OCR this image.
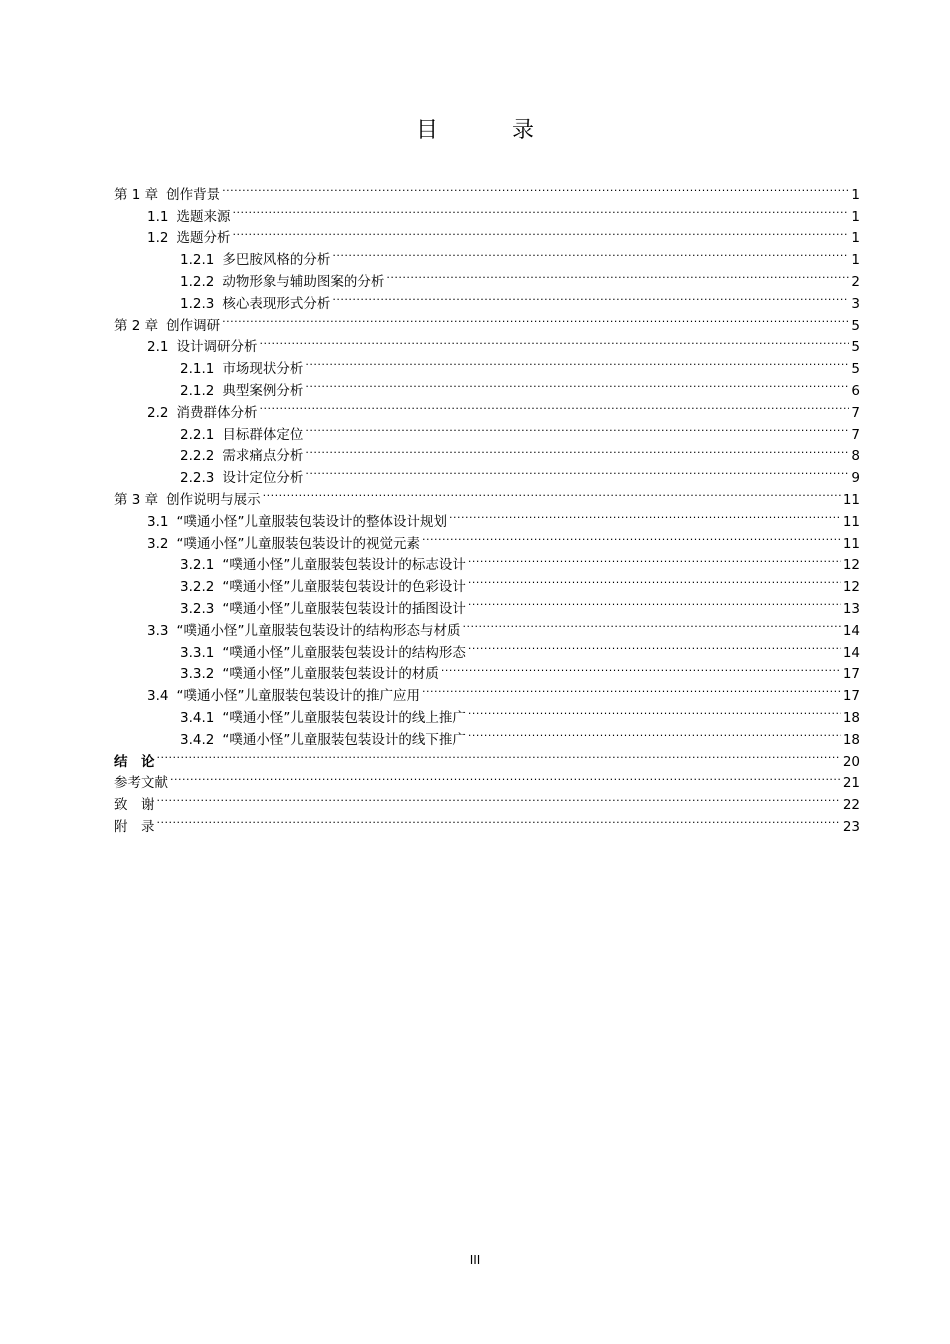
目　录
第 1 章 创作背景 .....	1
1.1 选题来源 .....	1
1.2 选题分析 .....	1
1.2.1 多巴胺风格的分析 .....	1
1.2.2 动物形象与辅助图案的分析 .....	2
1.2.3 核心表现形式分析 .....	3
第 2 章 创作调研 .....	5
2.1 设计调研分析 .....	5
2.1.1 市场现状分析 .....	5
2.1.2 典型案例分析 .....	6
2.2 消费群体分析 .....	7
2.2.1 目标群体定位 .....	7
2.2.2 需求痛点分析 .....	8
2.2.3 设计定位分析 .....	9
第 3 章 创作说明与展示 .....	11
3.1 “噗通小怪”儿童服装包装设计的整体设计规划 .....	11
3.2 “噗通小怪”儿童服装包装设计的视觉元素 .....	11
3.2.1 “噗通小怪”儿童服装包装设计的标志设计 .....	12
3.2.2 “噗通小怪”儿童服装包装设计的色彩设计 .....	12
3.2.3 “噗通小怪”儿童服装包装设计的插图设计 .....	13
3.3 “噗通小怪”儿童服装包装设计的结构形态与材质 .....	14
3.3.1 “噗通小怪”儿童服装包装设计的结构形态 .....	14
3.3.2 “噗通小怪”儿童服装包装设计的材质 .....	17
3.4 “噗通小怪”儿童服装包装设计的推广应用 .....	17
3.4.1 “噗通小怪”儿童服装包装设计的线上推广 .....	18
3.4.2 “噗通小怪”儿童服装包装设计的线下推广 .....	18
结　论 .....	20
参考文献 .....	21
致　谢 .....	22
附　录 .....	23
III
